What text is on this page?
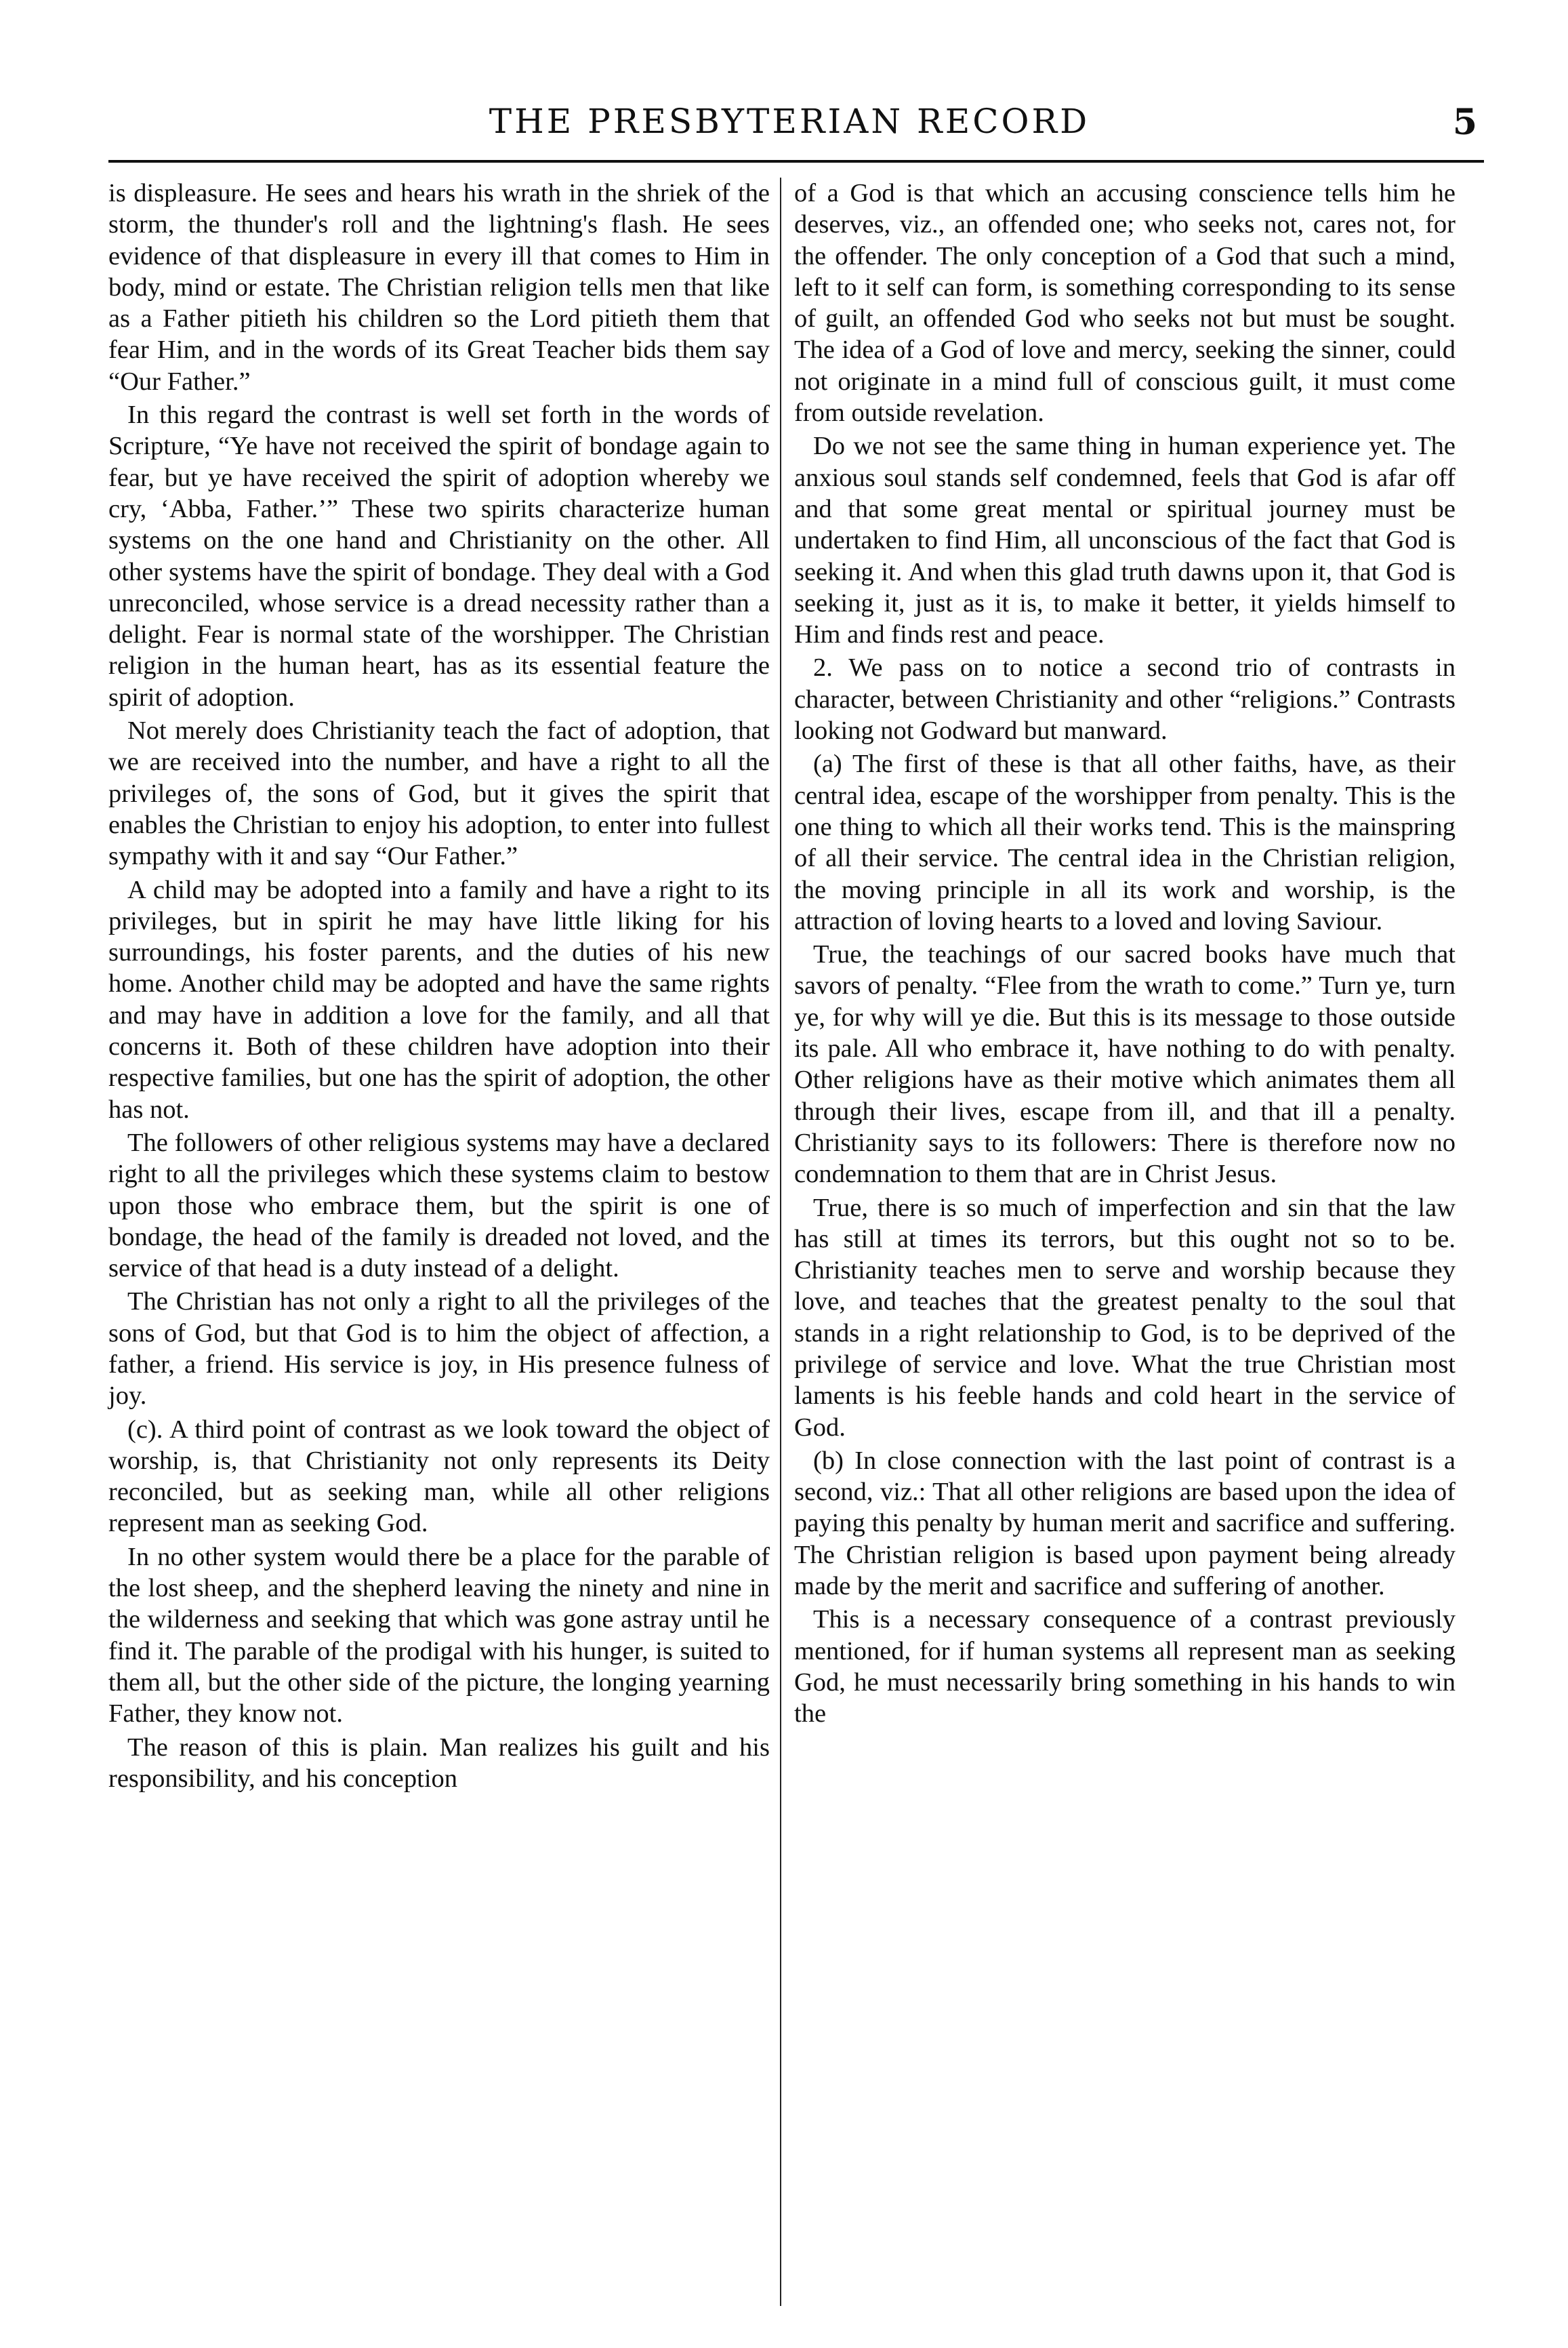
THE PRESBYTERIAN RECORD	5

is displeasure. He sees and hears his wrath in the shriek of the storm, the thunder's roll and the lightning's flash. He sees evidence of that displeasure in every ill that comes to Him in body, mind or estate. The Christian religion tells men that like as a Father pitieth his children so the Lord pitieth them that fear Him, and in the words of its Great Teacher bids them say “Our Father.”

In this regard the contrast is well set forth in the words of Scripture, “Ye have not received the spirit of bondage again to fear, but ye have received the spirit of adoption whereby we cry, ‘Abba, Father.’” These two spirits characterize human systems on the one hand and Christianity on the other. All other systems have the spirit of bondage. They deal with a God unreconciled, whose service is a dread necessity rather than a delight. Fear is normal state of the worshipper. The Christian religion in the human heart, has as its essential feature the spirit of adoption.

Not merely does Christianity teach the fact of adoption, that we are received into the number, and have a right to all the privileges of, the sons of God, but it gives the spirit that enables the Christian to enjoy his adoption, to enter into fullest sympathy with it and say “Our Father.”

A child may be adopted into a family and have a right to its privileges, but in spirit he may have little liking for his surroundings, his foster parents, and the duties of his new home. Another child may be adopted and have the same rights and may have in addition a love for the family, and all that concerns it. Both of these children have adoption into their respective families, but one has the spirit of adoption, the other has not.

The followers of other religious systems may have a declared right to all the privileges which these systems claim to bestow upon those who embrace them, but the spirit is one of bondage, the head of the family is dreaded not loved, and the service of that head is a duty instead of a delight.

The Christian has not only a right to all the privileges of the sons of God, but that God is to him the object of affection, a father, a friend. His service is joy, in His presence fulness of joy.

(c). A third point of contrast as we look toward the object of worship, is, that Christianity not only represents its Deity reconciled, but as seeking man, while all other religions represent man as seeking God.

In no other system would there be a place for the parable of the lost sheep, and the shepherd leaving the ninety and nine in the wilderness and seeking that which was gone astray until he find it. The parable of the prodigal with his hunger, is suited to them all, but the other side of the picture, the longing yearning Father, they know not.

The reason of this is plain. Man realizes his guilt and his responsibility, and his conception

of a God is that which an accusing conscience tells him he deserves, viz., an offended one; who seeks not, cares not, for the offender. The only conception of a God that such a mind, left to it self can form, is something corresponding to its sense of guilt, an offended God who seeks not but must be sought. The idea of a God of love and mercy, seeking the sinner, could not originate in a mind full of conscious guilt, it must come from outside revelation.

Do we not see the same thing in human experience yet. The anxious soul stands self condemned, feels that God is afar off and that some great mental or spiritual journey must be undertaken to find Him, all unconscious of the fact that God is seeking it. And when this glad truth dawns upon it, that God is seeking it, just as it is, to make it better, it yields himself to Him and finds rest and peace.

2. We pass on to notice a second trio of contrasts in character, between Christianity and other “religions.” Contrasts looking not Godward but manward.

(a) The first of these is that all other faiths, have, as their central idea, escape of the worshipper from penalty. This is the one thing to which all their works tend. This is the mainspring of all their service. The central idea in the Christian religion, the moving principle in all its work and worship, is the attraction of loving hearts to a loved and loving Saviour.

True, the teachings of our sacred books have much that savors of penalty. “Flee from the wrath to come.” Turn ye, turn ye, for why will ye die. But this is its message to those outside its pale. All who embrace it, have nothing to do with penalty. Other religions have as their motive which animates them all through their lives, escape from ill, and that ill a penalty. Christianity says to its followers: There is therefore now no condemnation to them that are in Christ Jesus.

True, there is so much of imperfection and sin that the law has still at times its terrors, but this ought not so to be. Christianity teaches men to serve and worship because they love, and teaches that the greatest penalty to the soul that stands in a right relationship to God, is to be deprived of the privilege of service and love. What the true Christian most laments is his feeble hands and cold heart in the service of God.

(b) In close connection with the last point of contrast is a second, viz.: That all other religions are based upon the idea of paying this penalty by human merit and sacrifice and suffering. The Christian religion is based upon payment being already made by the merit and sacrifice and suffering of another.

This is a necessary consequence of a contrast previously mentioned, for if human systems all represent man as seeking God, he must necessarily bring something in his hands to win the
